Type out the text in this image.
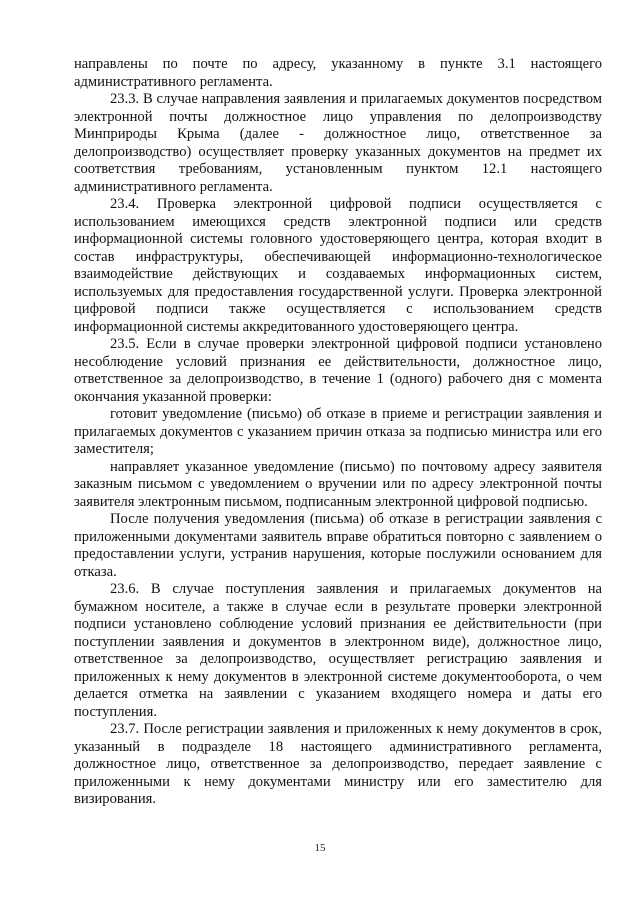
направлены по почте по адресу, указанному в пункте 3.1 настоящего административного регламента.

23.3. В случае направления заявления и прилагаемых документов посредством электронной почты должностное лицо управления по делопроизводству Минприроды Крыма (далее - должностное лицо, ответственное за делопроизводство) осуществляет проверку указанных документов на предмет их соответствия требованиям, установленным пунктом 12.1 настоящего административного регламента.

23.4. Проверка электронной цифровой подписи осуществляется с использованием имеющихся средств электронной подписи или средств информационной системы головного удостоверяющего центра, которая входит в состав инфраструктуры, обеспечивающей информационно-технологическое взаимодействие действующих и создаваемых информационных систем, используемых для предоставления государственной услуги. Проверка электронной цифровой подписи также осуществляется с использованием средств информационной системы аккредитованного удостоверяющего центра.

23.5. Если в случае проверки электронной цифровой подписи установлено несоблюдение условий признания ее действительности, должностное лицо, ответственное за делопроизводство, в течение 1 (одного) рабочего дня с момента окончания указанной проверки:

готовит уведомление (письмо) об отказе в приеме и регистрации заявления и прилагаемых документов с указанием причин отказа за подписью министра или его заместителя;

направляет указанное уведомление (письмо) по почтовому адресу заявителя заказным письмом с уведомлением о вручении или по адресу электронной почты заявителя электронным письмом, подписанным электронной цифровой подписью.

После получения уведомления (письма) об отказе в регистрации заявления с приложенными документами заявитель вправе обратиться повторно с заявлением о предоставлении услуги, устранив нарушения, которые послужили основанием для отказа.

23.6. В случае поступления заявления и прилагаемых документов на бумажном носителе, а также в случае если в результате проверки электронной подписи установлено соблюдение условий признания ее действительности (при поступлении заявления и документов в электронном виде), должностное лицо, ответственное за делопроизводство, осуществляет регистрацию заявления и приложенных к нему документов в электронной системе документооборота, о чем делается отметка на заявлении с указанием входящего номера и даты его поступления.

23.7. После регистрации заявления и приложенных к нему документов в срок, указанный в подразделе 18 настоящего административного регламента, должностное лицо, ответственное за делопроизводство, передает заявление с приложенными к нему документами министру или его заместителю для визирования.

15
